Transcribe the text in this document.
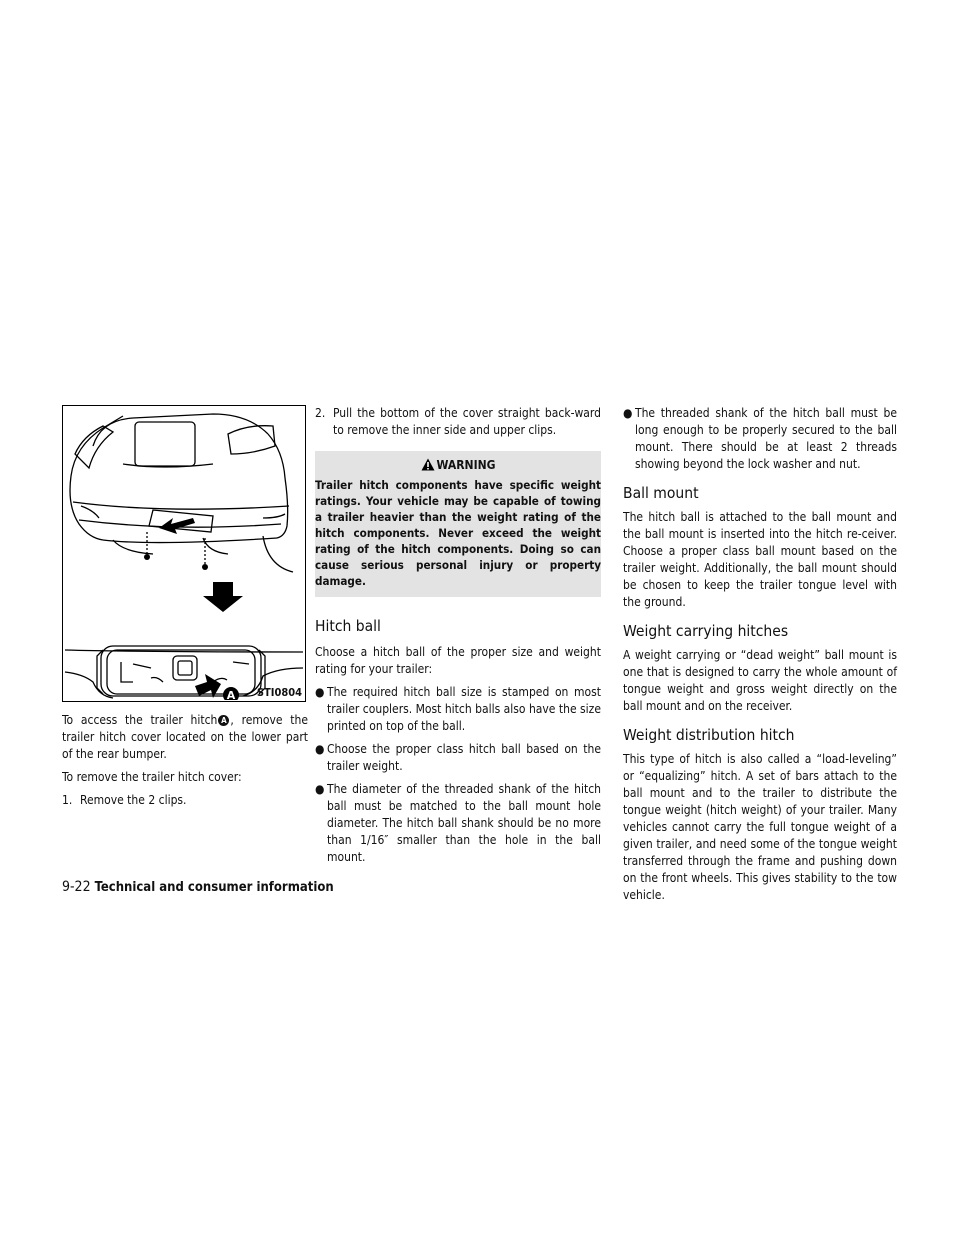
A STI0804

To access the trailer hitch A , remove the trailer hitch cover located on the lower part of the rear bumper.

To remove the trailer hitch cover:

1. Remove the 2 clips.

2. Pull the bottom of the cover straight back-ward to remove the inner side and upper clips.

WARNING
Trailer hitch components have specific weight ratings. Your vehicle may be capable of towing a trailer heavier than the weight rating of the hitch components. Never exceed the weight rating of the hitch components. Doing so can cause serious personal injury or property damage.
Hitch ball

Choose a hitch ball of the proper size and weight rating for your trailer:

● The required hitch ball size is stamped on most trailer couplers. Most hitch balls also have the size printed on top of the ball.

● Choose the proper class hitch ball based on the trailer weight.

● The diameter of the threaded shank of the hitch ball must be matched to the ball mount hole diameter. The hitch ball shank should be no more than 1/16″ smaller than the hole in the ball mount.

● The threaded shank of the hitch ball must be long enough to be properly secured to the ball mount. There should be at least 2 threads showing beyond the lock washer and nut.

Ball mount

The hitch ball is attached to the ball mount and the ball mount is inserted into the hitch re-ceiver. Choose a proper class ball mount based on the trailer weight. Additionally, the ball mount should be chosen to keep the trailer tongue level with the ground.

Weight carrying hitches

A weight carrying or “dead weight” ball mount is one that is designed to carry the whole amount of tongue weight and gross weight directly on the ball mount and on the receiver.

Weight distribution hitch

This type of hitch is also called a “load-leveling” or “equalizing” hitch. A set of bars attach to the ball mount and to the trailer to distribute the tongue weight (hitch weight) of your trailer. Many vehicles cannot carry the full tongue weight of a given trailer, and need some of the tongue weight transferred through the frame and pushing down on the front wheels. This gives stability to the tow vehicle.

9-22 Technical and consumer information
